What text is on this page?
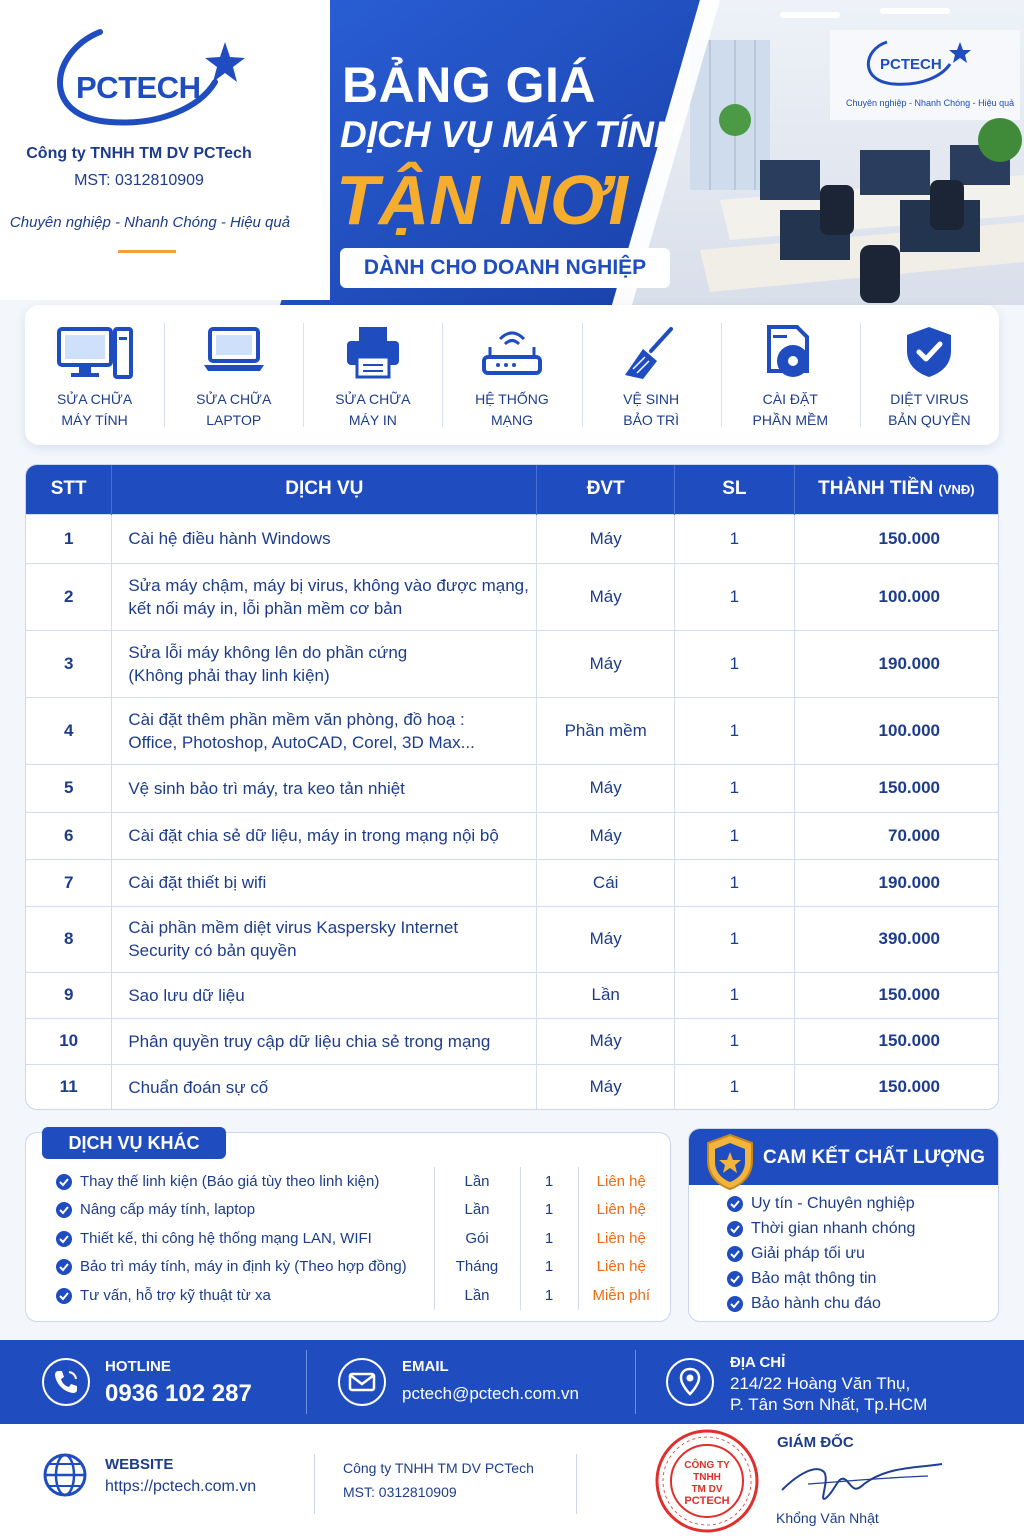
PCTECH
Công ty TNHH TM DV PCTech
MST: 0312810909
Chuyên nghiệp - Nhanh Chóng - Hiệu quả
PCTECH
Chuyên nghiệp - Nhanh Chóng - Hiệu quả
BẢNG GIÁ
DỊCH VỤ MÁY TÍNH
TẬN NƠI
DÀNH CHO DOANH NGHIỆP
SỬA CHỮA
MÁY TÍNH
SỬA CHỮA
LAPTOP
SỬA CHỮA
MÁY IN
HỆ THỐNG
MẠNG
VỆ SINH
BẢO TRÌ
CÀI ĐẶT
PHẦN MỀM
DIỆT VIRUS
BẢN QUYỀN
STT	DỊCH VỤ	ĐVT	SL	THÀNH TIỀN (VNĐ)
1	Cài hệ điều hành Windows	Máy	1	150.000
2	Sửa máy chậm, máy bị virus, không vào được mạng,
kết nối máy in, lỗi phần mềm cơ bản	Máy	1	100.000
3	Sửa lỗi máy không lên do phần cứng
(Không phải thay linh kiện)	Máy	1	190.000
4	Cài đặt thêm phần mềm văn phòng, đồ hoạ :
Office, Photoshop, AutoCAD, Corel, 3D Max...	Phần mềm	1	100.000
5	Vệ sinh bảo trì máy, tra keo tản nhiệt	Máy	1	150.000
6	Cài đặt chia sẻ dữ liệu, máy in trong mạng nội bộ	Máy	1	70.000
7	Cài đặt thiết bị wifi	Cái	1	190.000
8	Cài phần mềm diệt virus Kaspersky Internet
Security có bản quyền	Máy	1	390.000
9	Sao lưu dữ liệu	Lần	1	150.000
10	Phân quyền truy cập dữ liệu chia sẻ trong mạng	Máy	1	150.000
11	Chuẩn đoán sự cố	Máy	1	150.000
DỊCH VỤ KHÁC
Thay thế linh kiện (Báo giá tùy theo linh kiện)	Lần	1	Liên hệ
Nâng cấp máy tính, laptop	Lần	1	Liên hệ
Thiết kế, thi công hệ thống mạng LAN, WIFI	Gói	1	Liên hệ
Bảo trì máy tính, máy in định kỳ (Theo hợp đồng)	Tháng	1	Liên hệ
Tư vấn, hỗ trợ kỹ thuật từ xa	Lần	1	Miễn phí
CAM KẾT CHẤT LƯỢNG
Uy tín - Chuyên nghiệp
Thời gian nhanh chóng
Giải pháp tối ưu
Bảo mật thông tin
Bảo hành chu đáo
HOTLINE
0936 102 287
EMAIL
pctech@pctech.com.vn
ĐỊA CHỈ
214/22 Hoàng Văn Thụ,
P. Tân Sơn Nhất, Tp.HCM
WEBSITE
https://pctech.com.vn
Công ty TNHH TM DV PCTech
MST: 0312810909
CÔNG TY
TNHH
TM DV
PCTECH
GIÁM ĐỐC
Khổng Văn Nhật
